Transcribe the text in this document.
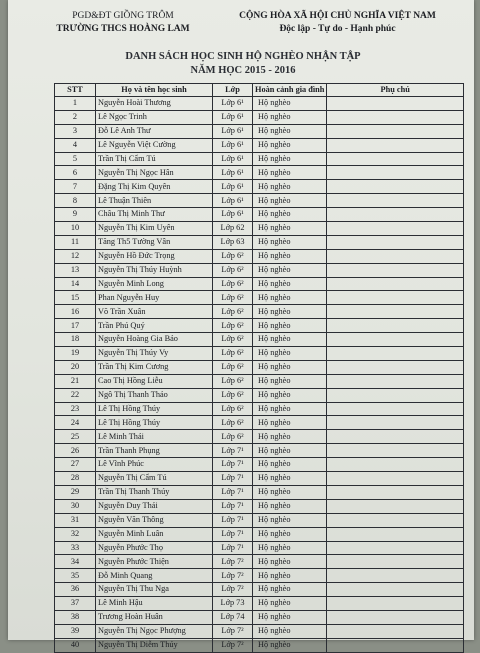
PGD&ĐT GIỒNG TRÔM
TRƯỜNG THCS HOÀNG LAM
CỘNG HÒA XÃ HỘI CHỦ NGHĨA VIỆT NAM
Độc lập - Tự do - Hạnh phúc
DANH SÁCH HỌC SINH HỘ NGHÈO NHẬN TẬP
NĂM HỌC 2015 - 2016
STT	Họ và tên học sinh	Lớp	Hoàn cảnh gia đình	Phụ chú
1	Nguyễn Hoài Thương	Lớp 6¹	Hộ nghèo	
2	Lê Ngọc Trinh	Lớp 6¹	Hộ nghèo	
3	Đỗ Lê Anh Thư	Lớp 6¹	Hộ nghèo	
4	Lê Nguyễn Việt Cường	Lớp 6¹	Hộ nghèo	
5	Trần Thị Cẩm Tú	Lớp 6¹	Hộ nghèo	
6	Nguyễn Thị Ngọc Hân	Lớp 6¹	Hộ nghèo	
7	Đặng Thị Kim Quyên	Lớp 6¹	Hộ nghèo	
8	Lê Thuận Thiên	Lớp 6¹	Hộ nghèo	
9	Châu Thị Minh Thư	Lớp 6¹	Hộ nghèo	
10	Nguyễn Thị Kim Uyên	Lớp 62	Hộ nghèo	
11	Tăng Th5 Tường Vân	Lớp 63	Hộ nghèo	
12	Nguyễn Hồ Đức Trọng	Lớp 6²	Hộ nghèo	
13	Nguyễn Thị Thúy Huỳnh	Lớp 6²	Hộ nghèo	
14	Nguyễn Minh Long	Lớp 6²	Hộ nghèo	
15	Phan Nguyễn Huy	Lớp 6²	Hộ nghèo	
16	Võ Trần Xuân	Lớp 6²	Hộ nghèo	
17	Trần Phú Quý	Lớp 6²	Hộ nghèo	
18	Nguyễn Hoàng Gia Bảo	Lớp 6²	Hộ nghèo	
19	Nguyễn Thị Thúy Vy	Lớp 6²	Hộ nghèo	
20	Trần Thị Kim Cương	Lớp 6²	Hộ nghèo	
21	Cao Thị Hồng Liễu	Lớp 6²	Hộ nghèo	
22	Ngô Thị Thanh Thảo	Lớp 6²	Hộ nghèo	
23	Lê Thị Hồng Thúy	Lớp 6²	Hộ nghèo	
24	Lê Thị Hồng Thúy	Lớp 6²	Hộ nghèo	
25	Lê Minh Thái	Lớp 6²	Hộ nghèo	
26	Trần Thanh Phụng	Lớp 7¹	Hộ nghèo	
27	Lê Vĩnh Phúc	Lớp 7¹	Hộ nghèo	
28	Nguyễn Thị Cẩm Tú	Lớp 7¹	Hộ nghèo	
29	Trần Thị Thanh Thúy	Lớp 7¹	Hộ nghèo	
30	Nguyễn Duy Thái	Lớp 7¹	Hộ nghèo	
31	Nguyễn Văn Thông	Lớp 7¹	Hộ nghèo	
32	Nguyễn Minh Luân	Lớp 7¹	Hộ nghèo	
33	Nguyễn Phước Thọ	Lớp 7¹	Hộ nghèo	
34	Nguyễn Phước Thiện	Lớp 7²	Hộ nghèo	
35	Đỗ Minh Quang	Lớp 7²	Hộ nghèo	
36	Nguyễn Thị Thu Nga	Lớp 7²	Hộ nghèo	
37	Lê Minh Hậu	Lớp 73	Hộ nghèo	
38	Trương Hoàn Huân	Lớp 74	Hộ nghèo	
39	Nguyễn Thị Ngọc Phượng	Lớp 7²	Hộ nghèo	
40	Nguyễn Thị Diễm Thúy	Lớp 7²	Hộ nghèo	
